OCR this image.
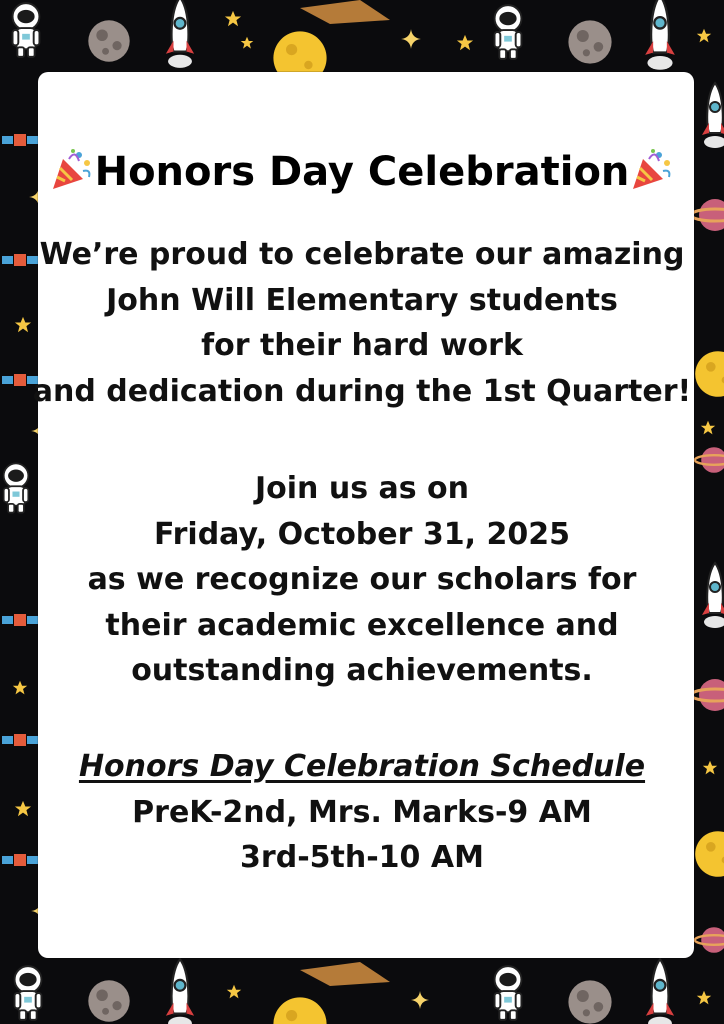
Honors Day Celebration
We’re proud to celebrate our amazing
John Will Elementary students
for their hard work
and dedication during the 1st Quarter!
Join us as on
Friday, October 31, 2025
as we recognize our scholars for
their academic excellence and
outstanding achievements.
Honors Day Celebration Schedule
PreK-2nd, Mrs. Marks-9 AM
3rd-5th-10 AM
